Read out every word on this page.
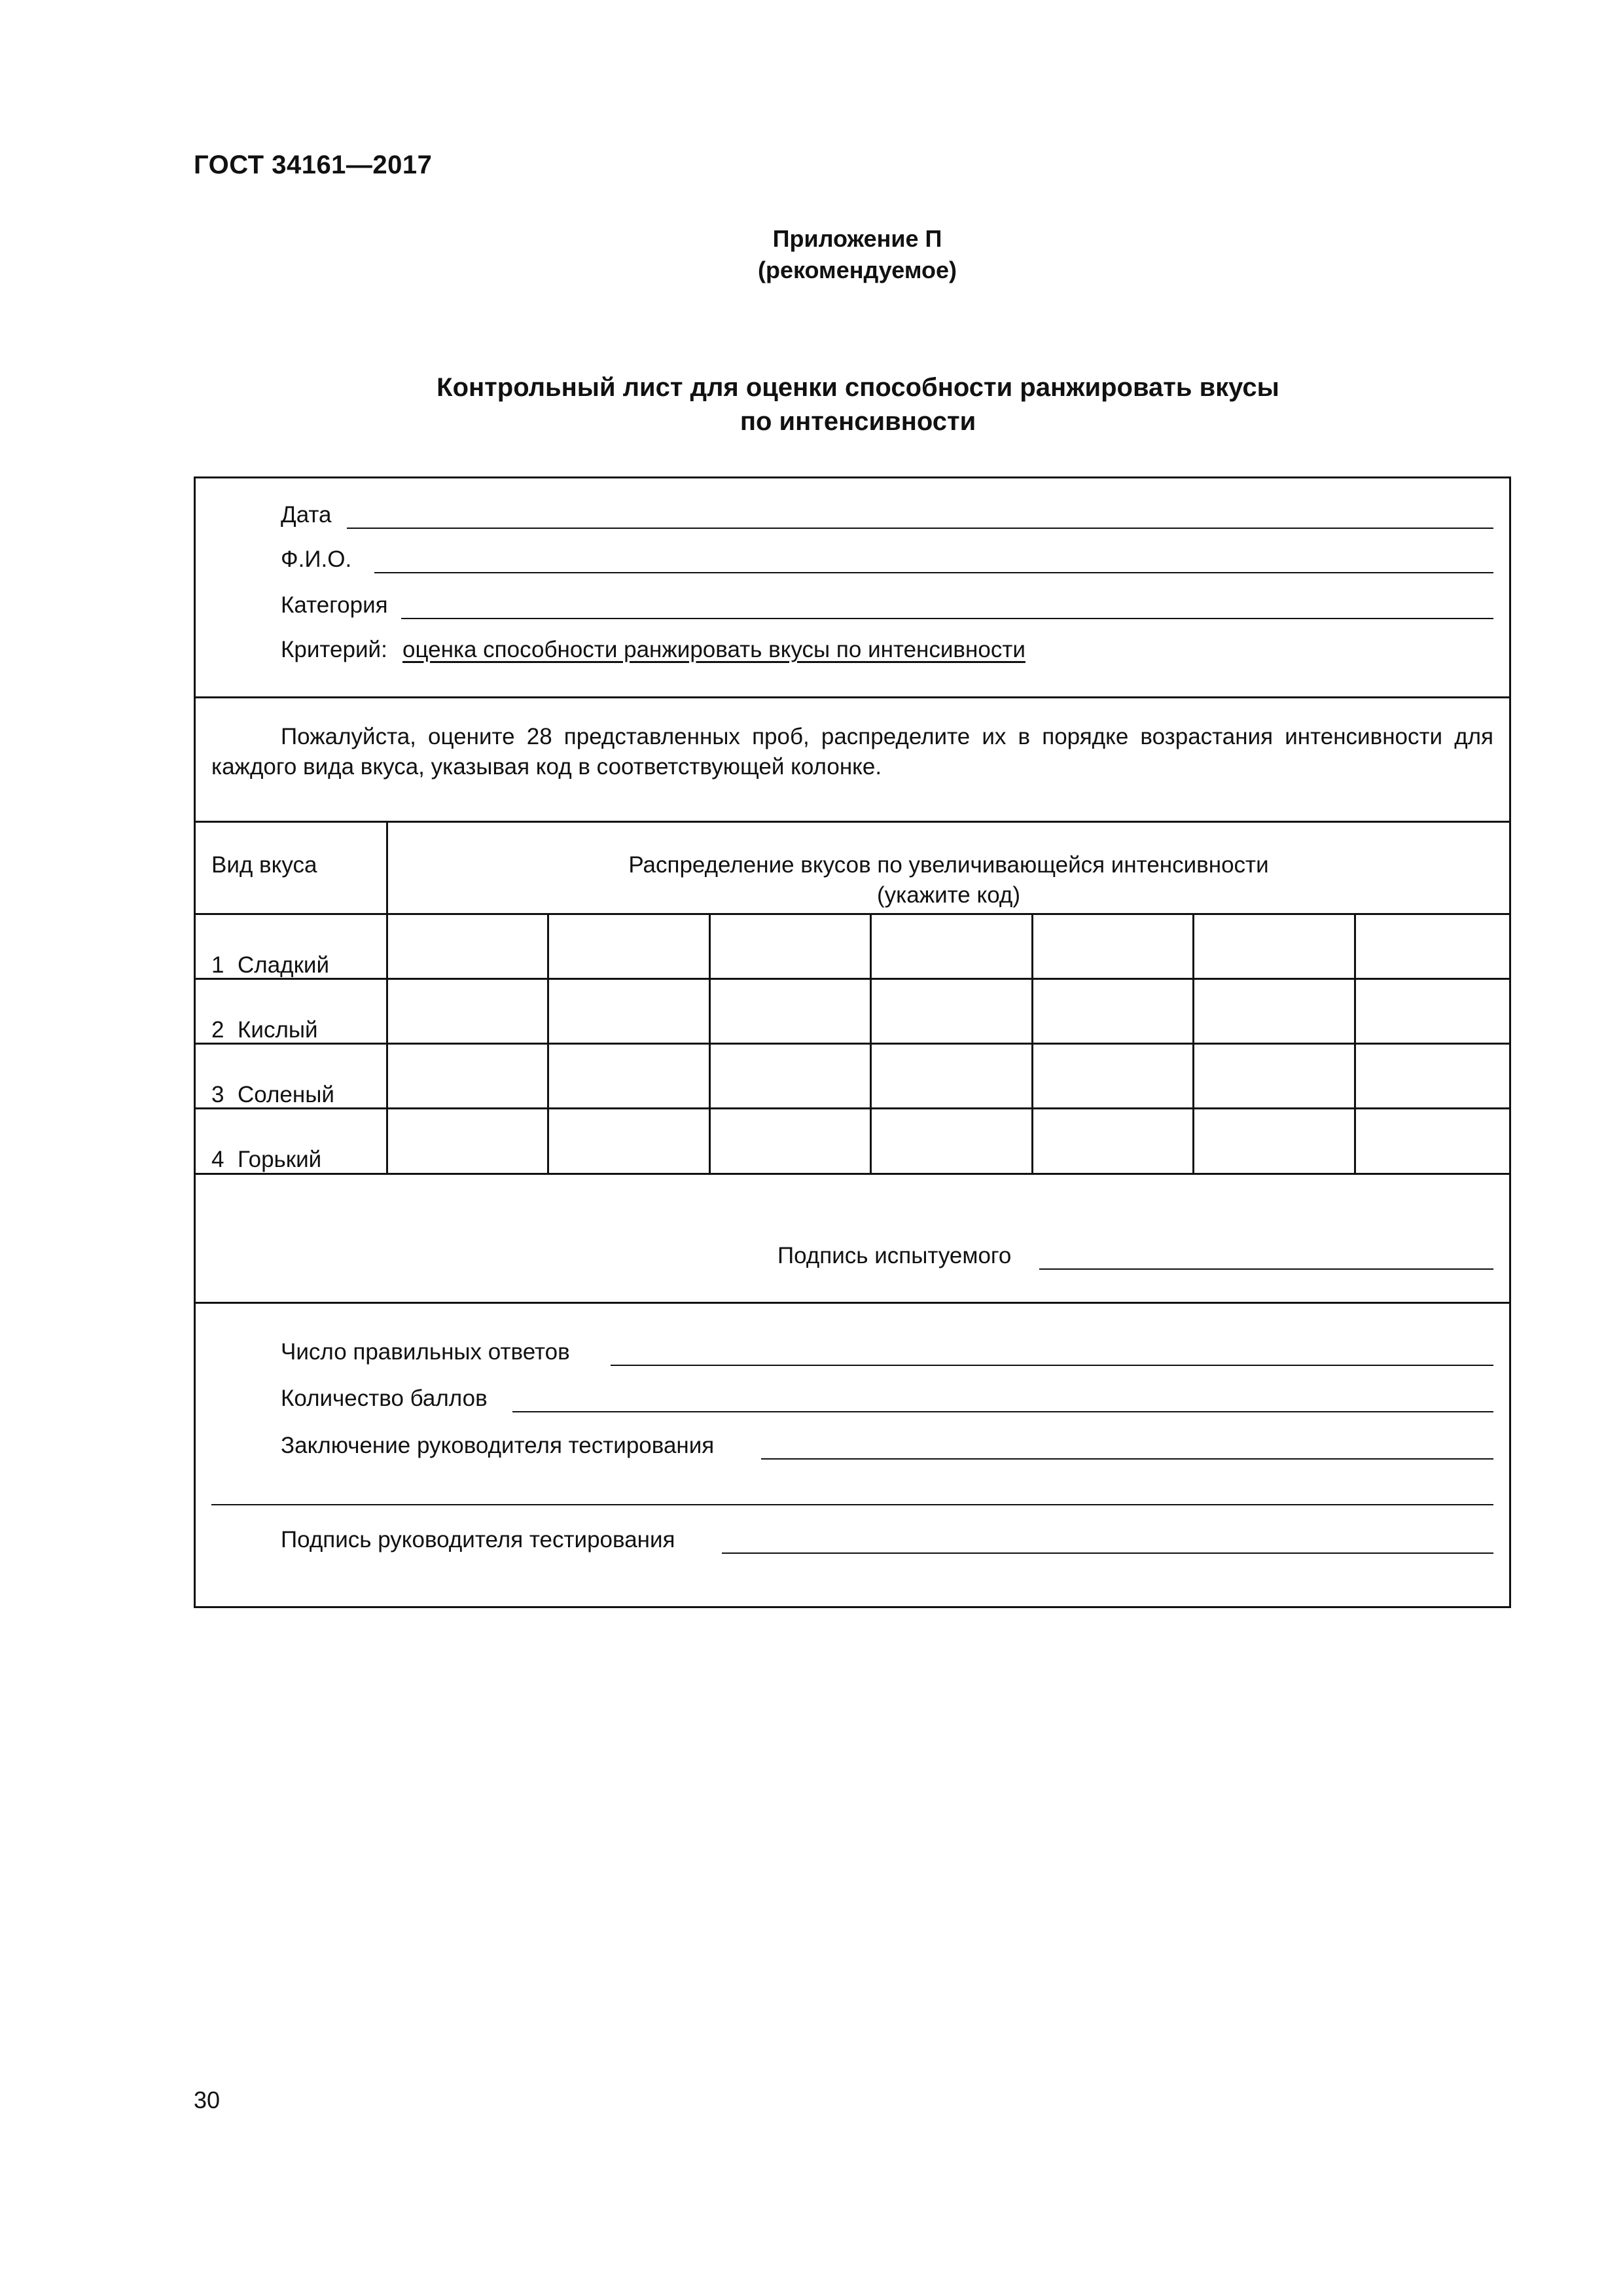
ГОСТ 34161—2017
Приложение П
(рекомендуемое)
Контрольный лист для оценки способности ранжировать вкусы
по интенсивности
Дата
Ф.И.О.
Категория
Критерий: оценка способности ранжировать вкусы по интенсивности
Пожалуйста, оцените 28 представленных проб, распределите их в порядке возрастания интенсивности для каждого вида вкуса, указывая код в соответствующей колонке.
Вид вкуса	Распределение вкусов по увеличивающейся интенсивности
(укажите код)
1 Сладкий
2 Кислый
3 Соленый
4 Горький
Подпись испытуемого
Число правильных ответов
Количество баллов
Заключение руководителя тестирования
Подпись руководителя тестирования
30
